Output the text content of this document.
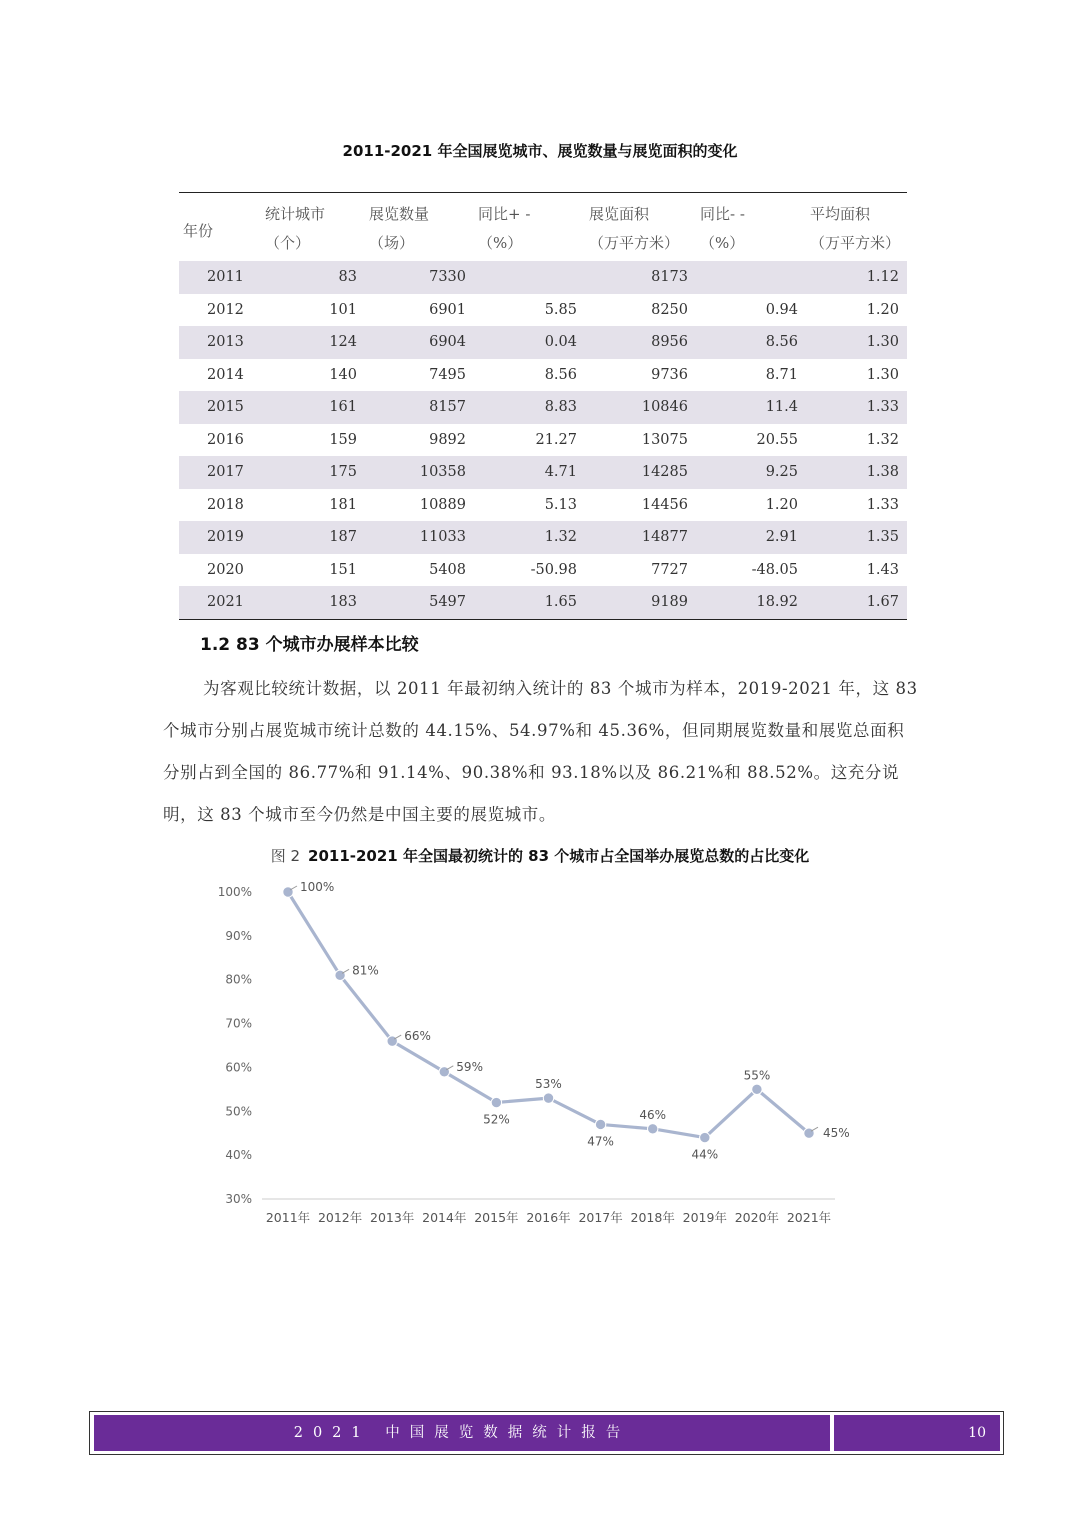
2011-2021 年全国展览城市、展览数量与展览面积的变化
年份	统计城市	展览数量	同比+ -	展览面积	同比- -	平均面积
	（个）	（场）	（%）	（万平方米）	（%）	（万平方米）
2011	83	7330		8173		1.12
2012	101	6901	5.85	8250	0.94	1.20
2013	124	6904	0.04	8956	8.56	1.30
2014	140	7495	8.56	9736	8.71	1.30
2015	161	8157	8.83	10846	11.4	1.33
2016	159	9892	21.27	13075	20.55	1.32
2017	175	10358	4.71	14285	9.25	1.38
2018	181	10889	5.13	14456	1.20	1.33
2019	187	11033	1.32	14877	2.91	1.35
2020	151	5408	-50.98	7727	-48.05	1.43
2021	183	5497	1.65	9189	18.92	1.67
1.2 83 个城市办展样本比较

为客观比较统计数据，以 2011 年最初纳入统计的 83 个城市为样本，2019-2021 年，这 83 个城市分别占展览城市统计总数的 44.15%、54.97%和 45.36%，但同期展览数量和展览总面积分别占到全国的 86.77%和 91.14%、90.38%和 93.18%以及 86.21%和 88.52%。这充分说明，这 83 个城市至今仍然是中国主要的展览城市。

图 2 2011-2021 年全国最初统计的 83 个城市占全国举办展览总数的占比变化
30%
40%
50%
60%
70%
80%
90%
100%
2011年 2012年 2013年 2014年 2015年 2016年 2017年 2018年 2019年 2020年 2021年
100%
81%
66%
59%
52%
53%
47%
46%
44%
55%
45%
2021 中国展览数据统计报告	10
